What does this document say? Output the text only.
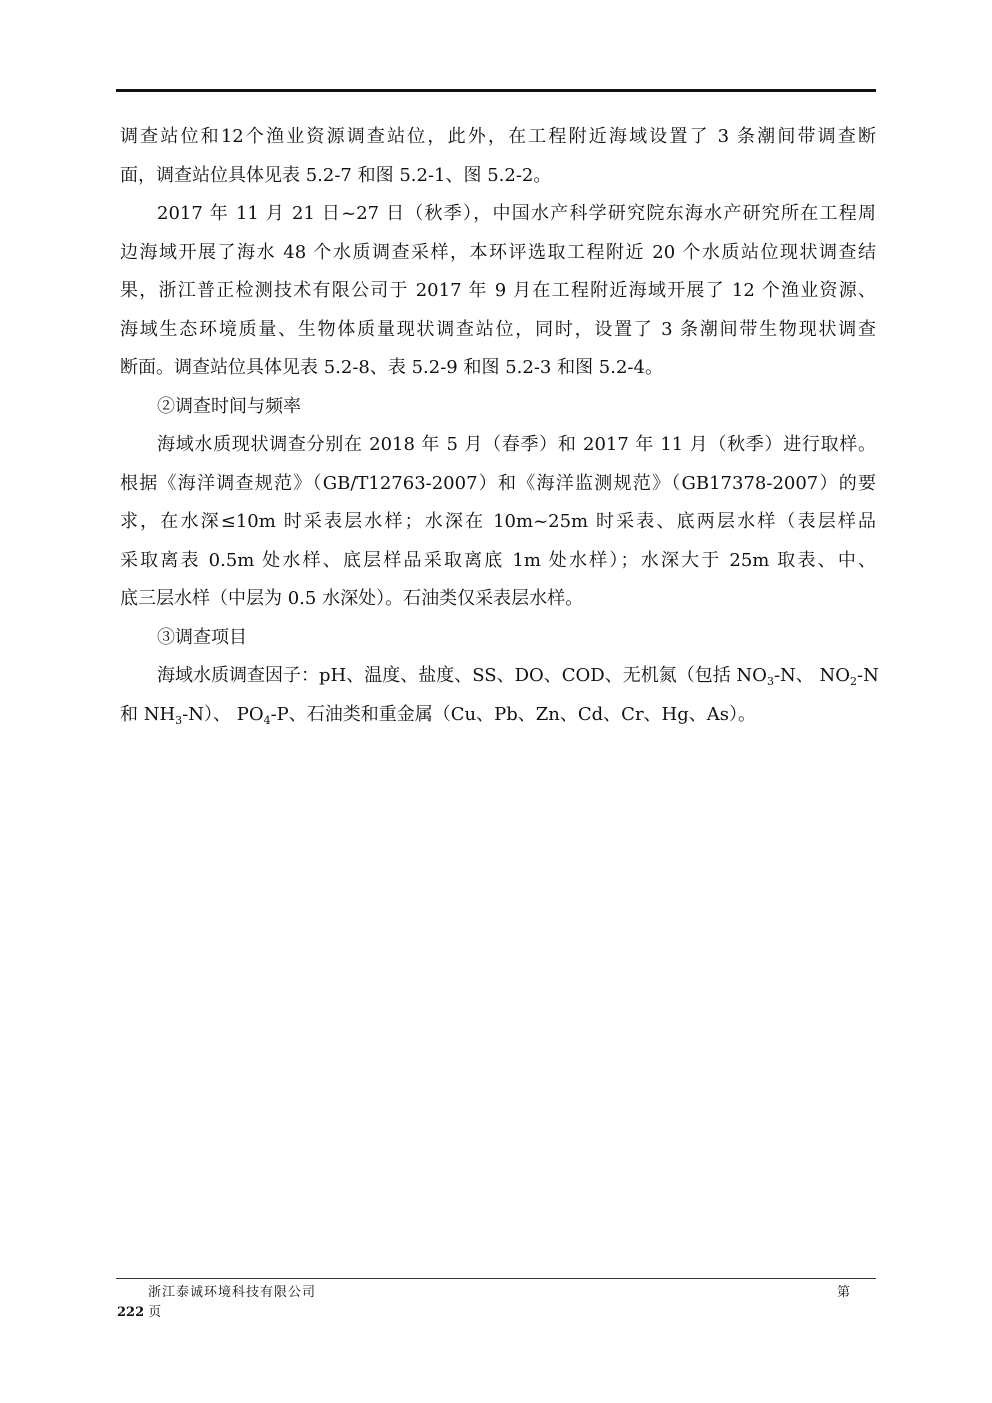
调查站位和12个渔业资源调查站位，此外，在工程附近海域设置了 3 条潮间带调查断
面，调查站位具体见表 5.2-7 和图 5.2-1、图 5.2-2。
2017 年 11 月 21 日~27 日（秋季），中国水产科学研究院东海水产研究所在工程周
边海域开展了海水 48 个水质调查采样，本环评选取工程附近 20 个水质站位现状调查结
果，浙江普正检测技术有限公司于 2017 年 9 月在工程附近海域开展了 12 个渔业资源、
海域生态环境质量、生物体质量现状调查站位，同时，设置了 3 条潮间带生物现状调查
断面。调查站位具体见表 5.2-8、表 5.2-9 和图 5.2-3 和图 5.2-4。
②调查时间与频率
海域水质现状调查分别在 2018 年 5 月（春季）和 2017 年 11 月（秋季）进行取样。
根据《海洋调查规范》（GB/T12763-2007）和《海洋监测规范》（GB17378-2007）的要
求，在水深≤10m 时采表层水样；水深在 10m~25m 时采表、底两层水样（表层样品
采取离表 0.5m 处水样、底层样品采取离底 1m 处水样）；水深大于 25m 取表、中、
底三层水样（中层为 0.5 水深处）。石油类仅采表层水样。
③调查项目
海域水质调查因子：pH、温度、盐度、SS、DO、COD、无机氮（包括 $NO_3-N$、 $NO_2-N$
和 $NH_3-N$）、 $PO_4-P$、石油类和重金属（Cu、Pb、Zn、Cd、Cr、Hg、As）。
浙江泰诚环境科技有限公司	第
222 页
